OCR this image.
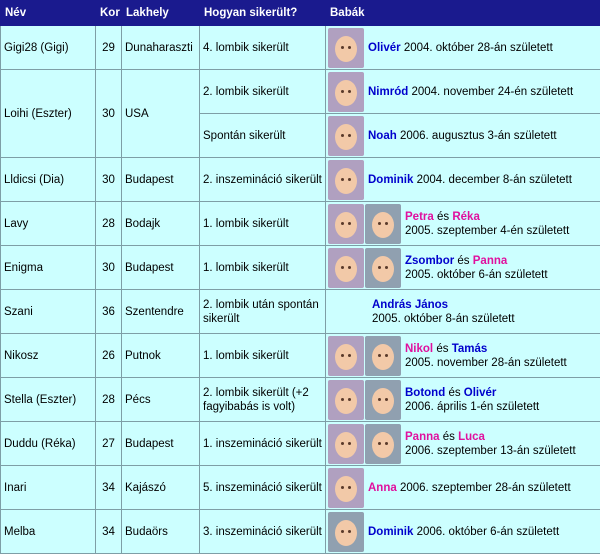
Név	Kor	Lakhely	Hogyan sikerült?	Babák
Gigi28 (Gigi)	29	Dunaharaszti	4. lombik sikerült	Olivér 2004. október 28-án született

Loihi (Eszter)	30	USA	2. lombik sikerült	Nimród 2004. november 24-én született

			Spontán sikerült	Noah 2006. augusztus 3-án született

Lldicsi (Dia)	30	Budapest	2. inszemináció sikerült	Dominik 2004. december 8-án született

Lavy	28	Bodajk	1. lombik sikerült	Petra és Réka
2005. szeptember 4-én született

Enigma	30	Budapest	1. lombik sikerült	Zsombor és Panna
2005. október 6-án született

Szani	36	Szentendre	2. lombik után spontán sikerült	András János
2005. október 8-án született

Nikosz	26	Putnok	1. lombik sikerült	Nikol és Tamás
2005. november 28-án született

Stella (Eszter)	28	Pécs	2. lombik sikerült (+2 fagyibabás is volt)	Botond és Olivér
2006. április 1-én született

Duddu (Réka)	27	Budapest	1. inszemináció sikerült	Panna és Luca
2006. szeptember 13-án született

Inari	34	Kajászó	5. inszemináció sikerült	Anna 2006. szeptember 28-án született

Melba	34	Budaörs	3. inszemináció sikerült	Dominik 2006. október 6-án született
